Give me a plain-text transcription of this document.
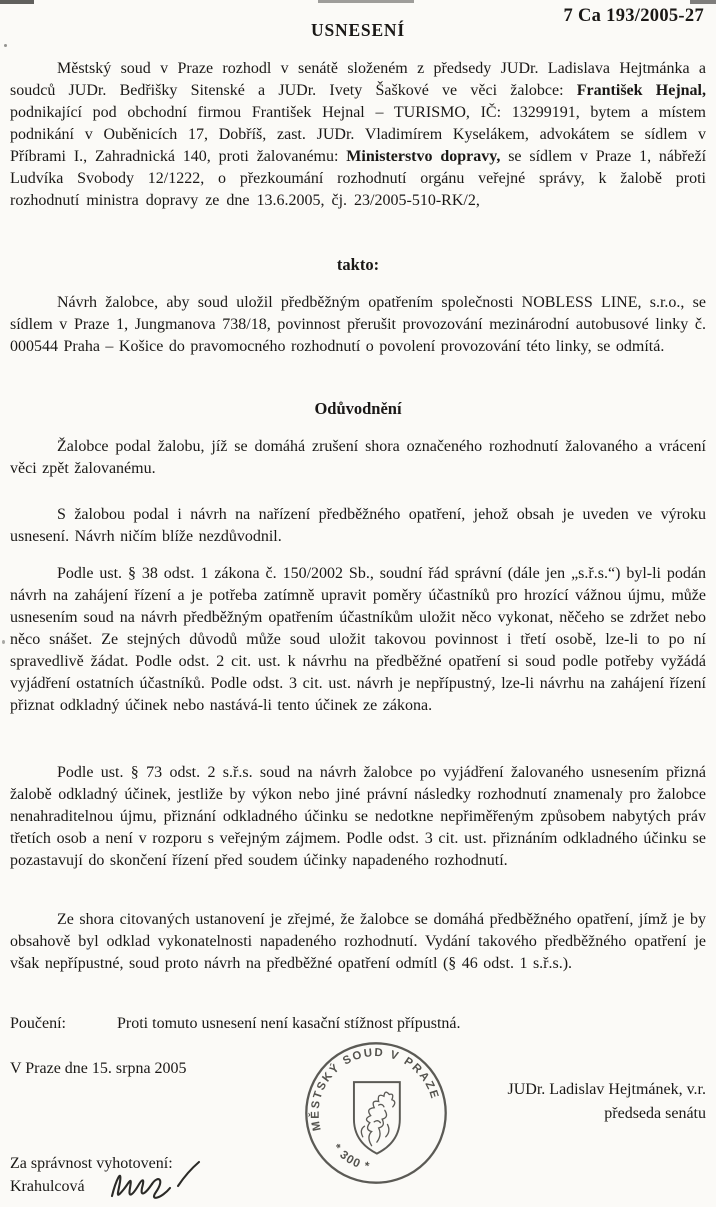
7 Ca 193/2005-27
USNESENÍ

Městský soud v Praze rozhodl v senátě složeném z předsedy JUDr. Ladislava Hejtmánka a soudců JUDr. Bedřišky Sitenské a JUDr. Ivety Šaškové ve věci žalobce: František Hejnal, podnikající pod obchodní firmou František Hejnal – TURISMO, IČ: 13299191, bytem a místem podnikání v Ouběnicích 17, Dobříš, zast. JUDr. Vladimírem Kyselákem, advokátem se sídlem v Příbrami I., Zahradnická 140, proti žalovanému: Ministerstvo dopravy, se sídlem v Praze 1, nábřeží Ludvíka Svobody 12/1222, o přezkoumání rozhodnutí orgánu veřejné správy, k žalobě proti rozhodnutí ministra dopravy ze dne 13.6.2005, čj. 23/2005-510-RK/2,

takto:

Návrh žalobce, aby soud uložil předběžným opatřením společnosti NOBLESS LINE, s.r.o., se sídlem v Praze 1, Jungmanova 738/18, povinnost přerušit provozování mezinárodní autobusové linky č. 000544 Praha – Košice do pravomocného rozhodnutí o povolení provozování této linky, se odmítá.

Odůvodnění

Žalobce podal žalobu, jíž se domáhá zrušení shora označeného rozhodnutí žalovaného a vrácení věci zpět žalovanému.

S žalobou podal i návrh na nařízení předběžného opatření, jehož obsah je uveden ve výroku usnesení. Návrh ničím blíže nezdůvodnil.

Podle ust. § 38 odst. 1 zákona č. 150/2002 Sb., soudní řád správní (dále jen „s.ř.s.“) byl-li podán návrh na zahájení řízení a je potřeba zatímně upravit poměry účastníků pro hrozící vážnou újmu, může usnesením soud na návrh předběžným opatřením účastníkům uložit něco vykonat, něčeho se zdržet nebo něco snášet. Ze stejných důvodů může soud uložit takovou povinnost i třetí osobě, lze-li to po ní spravedlivě žádat. Podle odst. 2 cit. ust. k návrhu na předběžné opatření si soud podle potřeby vyžádá vyjádření ostatních účastníků. Podle odst. 3 cit. ust. návrh je nepřípustný, lze-li návrhu na zahájení řízení přiznat odkladný účinek nebo nastává-li tento účinek ze zákona.

Podle ust. § 73 odst. 2 s.ř.s. soud na návrh žalobce po vyjádření žalovaného usnesením přizná žalobě odkladný účinek, jestliže by výkon nebo jiné právní následky rozhodnutí znamenaly pro žalobce nenahraditelnou újmu, přiznání odkladného účinku se nedotkne nepřiměřeným způsobem nabytých práv třetích osob a není v rozporu s veřejným zájmem. Podle odst. 3 cit. ust. přiznáním odkladného účinku se pozastavují do skončení řízení před soudem účinky napadeného rozhodnutí.

Ze shora citovaných ustanovení je zřejmé, že žalobce se domáhá předběžného opatření, jímž je by obsahově byl odklad vykonatelnosti napadeného rozhodnutí. Vydání takového předběžného opatření je však nepřípustné, soud proto návrh na předběžné opatření odmítl (§ 46 odst. 1 s.ř.s.).

Poučení:	Proti tomuto usnesení není kasační stížnost přípustná.
V Praze dne 15. srpna 2005
MĚSTSKÝ SOUD V PRAZE
* 300 *
JUDr. Ladislav Hejtmánek, v.r.
předseda senátu
Za správnost vyhotovení:
Krahulcová
